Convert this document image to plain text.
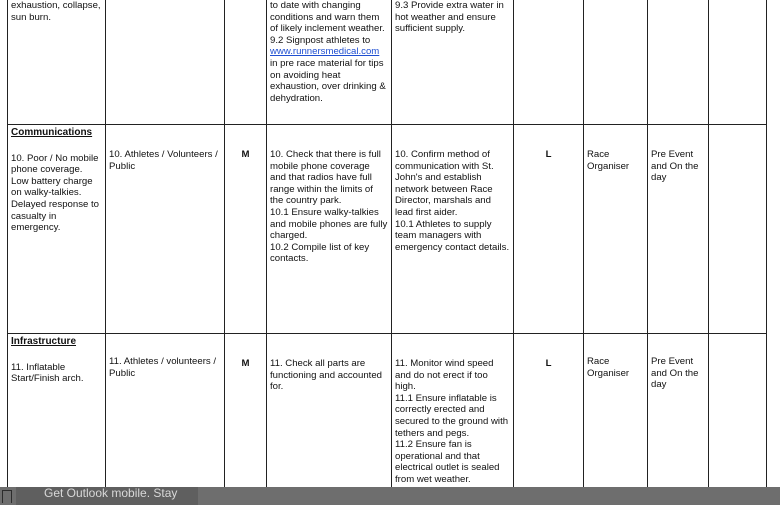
exhaustion, collapse, sun burn.			to date with changing conditions and warn them of likely inclement weather.
9.2 Signpost athletes to
www.runnersmedical.com in pre race material for tips on avoiding heat exhaustion, over drinking & dehydration.	9.3 Provide extra water in hot weather and ensure sufficient supply.				

Communications
10. Poor / No mobile phone coverage. Low battery charge on walky-talkies. Delayed response to casualty in emergency.	10. Athletes / Volunteers / Public	M	10. Check that there is full mobile phone coverage and that radios have full range within the limits of the country park.
10.1 Ensure walky-talkies and mobile phones are fully charged.
10.2 Compile list of key contacts.	10. Confirm method of communication with St. John's and establish network between Race Director, marshals and lead first aider.
10.1 Athletes to supply team managers with emergency contact details.	L	Race Organiser	Pre Event and On the day	

Infrastructure
11. Inflatable Start/Finish arch.	11. Athletes / volunteers / Public	M	11. Check all parts are functioning and accounted for.	11. Monitor wind speed and do not erect if too high.
11.1 Ensure inflatable is correctly erected and secured to the ground with tethers and pegs.
11.2 Ensure fan is operational and that electrical outlet is sealed from wet weather.	L	Race Organiser	Pre Event and On the day	

Get Outlook mobile. Stay
